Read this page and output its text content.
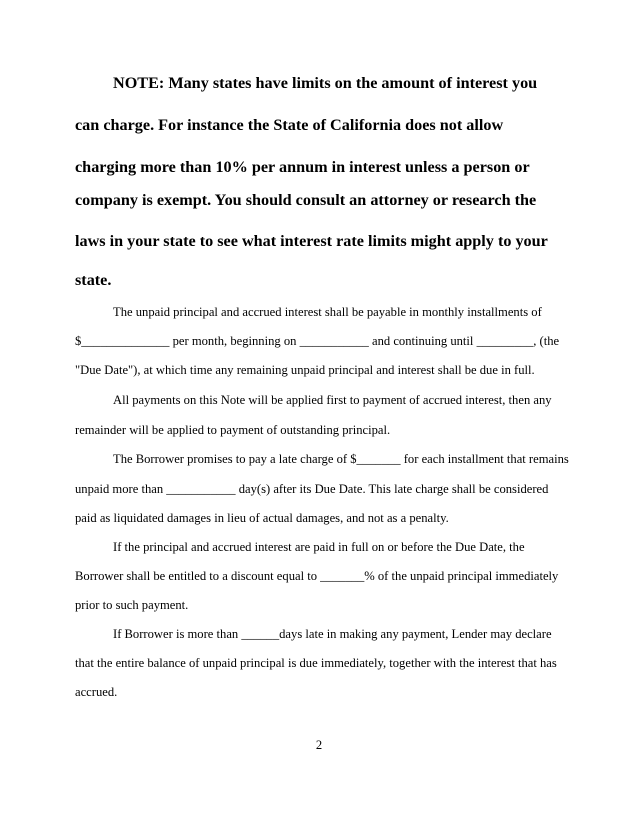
NOTE: Many states have limits on the amount of interest you
can charge. For instance the State of California does not allow
charging more than 10% per annum in interest unless a person or
company is exempt. You should consult an attorney or research the
laws in your state to see what interest rate limits might apply to your
state.
The unpaid principal and accrued interest shall be payable in monthly installments of
$______________ per month, beginning on ___________ and continuing until _________, (the
"Due Date"), at which time any remaining unpaid principal and interest shall be due in full.
All payments on this Note will be applied first to payment of accrued interest, then any
remainder will be applied to payment of outstanding principal.
The Borrower promises to pay a late charge of $_______ for each installment that remains
unpaid more than ___________ day(s) after its Due Date. This late charge shall be considered
paid as liquidated damages in lieu of actual damages, and not as a penalty.
If the principal and accrued interest are paid in full on or before the Due Date, the
Borrower shall be entitled to a discount equal to _______% of the unpaid principal immediately
prior to such payment.
If Borrower is more than ______days late in making any payment, Lender may declare
that the entire balance of unpaid principal is due immediately, together with the interest that has
accrued.
2
